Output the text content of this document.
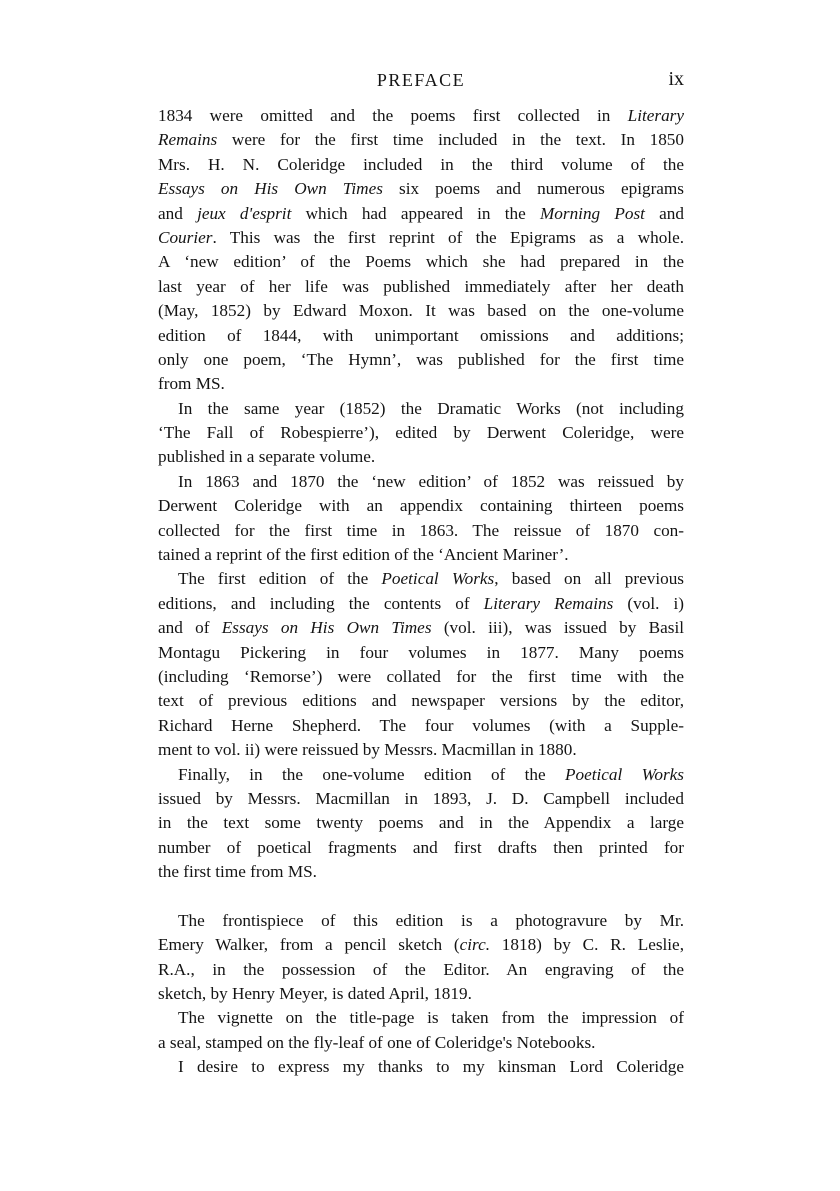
PREFACE	ix
1834 were omitted and the poems first collected in Literary
Remains were for the first time included in the text. In 1850
Mrs. H. N. Coleridge included in the third volume of the
Essays on His Own Times six poems and numerous epigrams
and jeux d'esprit which had appeared in the Morning Post and
Courier. This was the first reprint of the Epigrams as a whole.
A ‘new edition’ of the Poems which she had prepared in the
last year of her life was published immediately after her death
(May, 1852) by Edward Moxon. It was based on the one-volume
edition of 1844, with unimportant omissions and additions;
only one poem, ‘The Hymn’, was published for the first time
from MS.
In the same year (1852) the Dramatic Works (not including
‘The Fall of Robespierre’), edited by Derwent Coleridge, were
published in a separate volume.
In 1863 and 1870 the ‘new edition’ of 1852 was reissued by
Derwent Coleridge with an appendix containing thirteen poems
collected for the first time in 1863. The reissue of 1870 con-
tained a reprint of the first edition of the ‘Ancient Mariner’.
The first edition of the Poetical Works, based on all previous
editions, and including the contents of Literary Remains (vol. i)
and of Essays on His Own Times (vol. iii), was issued by Basil
Montagu Pickering in four volumes in 1877. Many poems
(including ‘Remorse’) were collated for the first time with the
text of previous editions and newspaper versions by the editor,
Richard Herne Shepherd. The four volumes (with a Supple-
ment to vol. ii) were reissued by Messrs. Macmillan in 1880.
Finally, in the one-volume edition of the Poetical Works
issued by Messrs. Macmillan in 1893, J. D. Campbell included
in the text some twenty poems and in the Appendix a large
number of poetical fragments and first drafts then printed for
the first time from MS.
The frontispiece of this edition is a photogravure by Mr.
Emery Walker, from a pencil sketch (circ. 1818) by C. R. Leslie,
R.A., in the possession of the Editor. An engraving of the
sketch, by Henry Meyer, is dated April, 1819.
The vignette on the title-page is taken from the impression of
a seal, stamped on the fly-leaf of one of Coleridge's Notebooks.
I desire to express my thanks to my kinsman Lord Coleridge
